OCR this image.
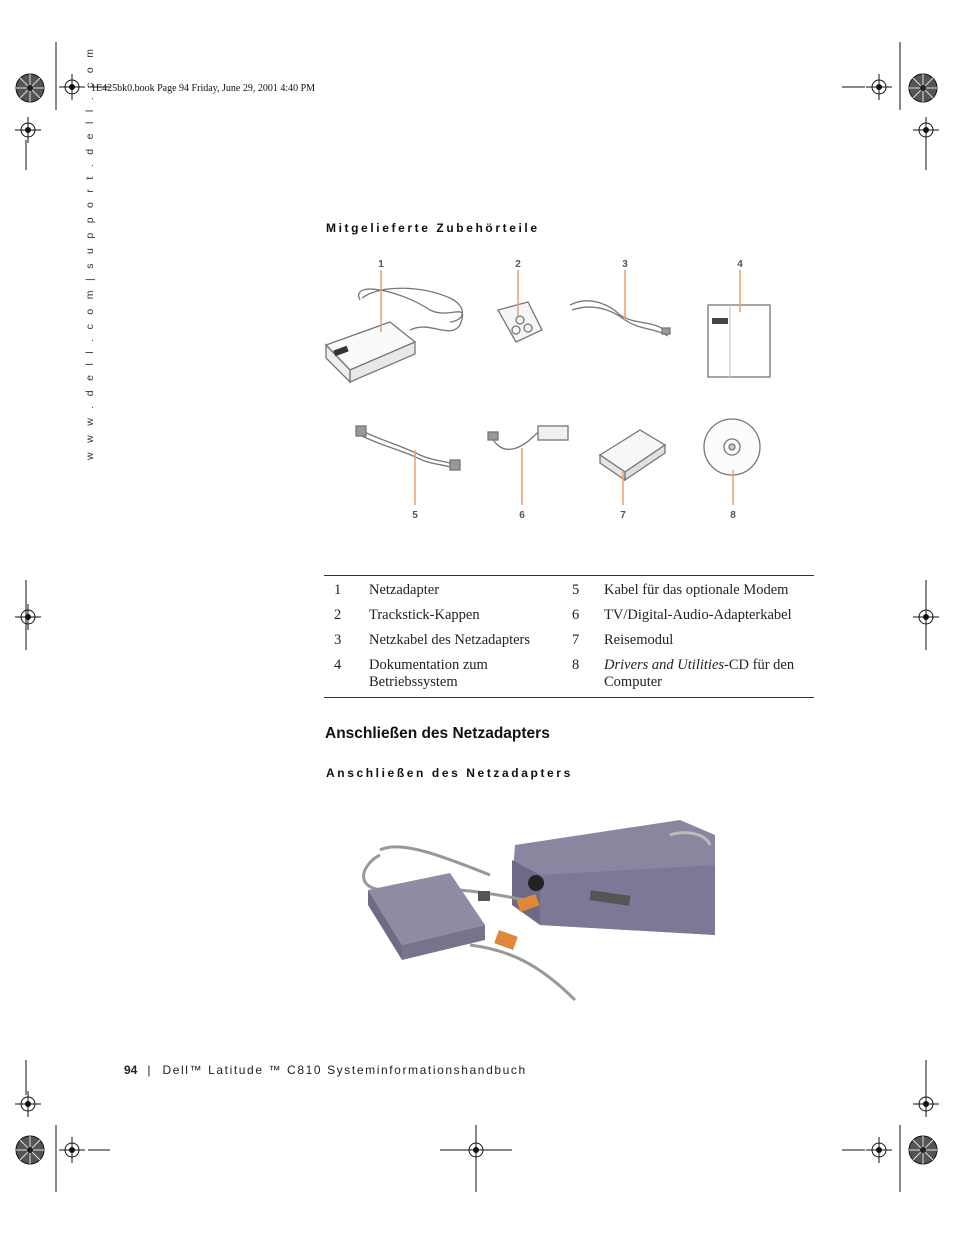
1E425bk0.book Page 94 Friday, June 29, 2001 4:40 PM
w w w . d e l l . c o m | s u p p o r t . d e l l . c o m	Mitgelieferte Zubehörteile
1	2	3	4
5	6	7	8
1	Netzadapter	5	Kabel für das optionale Modem
2	Trackstick-Kappen	6	TV/Digital-Audio-Adapterkabel
3	Netzkabel des Netzadapters	7	Reisemodul
4	Dokumentation zum Betriebssystem	8	Drivers and Utilities-CD für den Computer
Anschließen des Netzadapters
Anschließen des Netzadapters
94 | Dell™ Latitude ™ C810 Systeminformationshandbuch
